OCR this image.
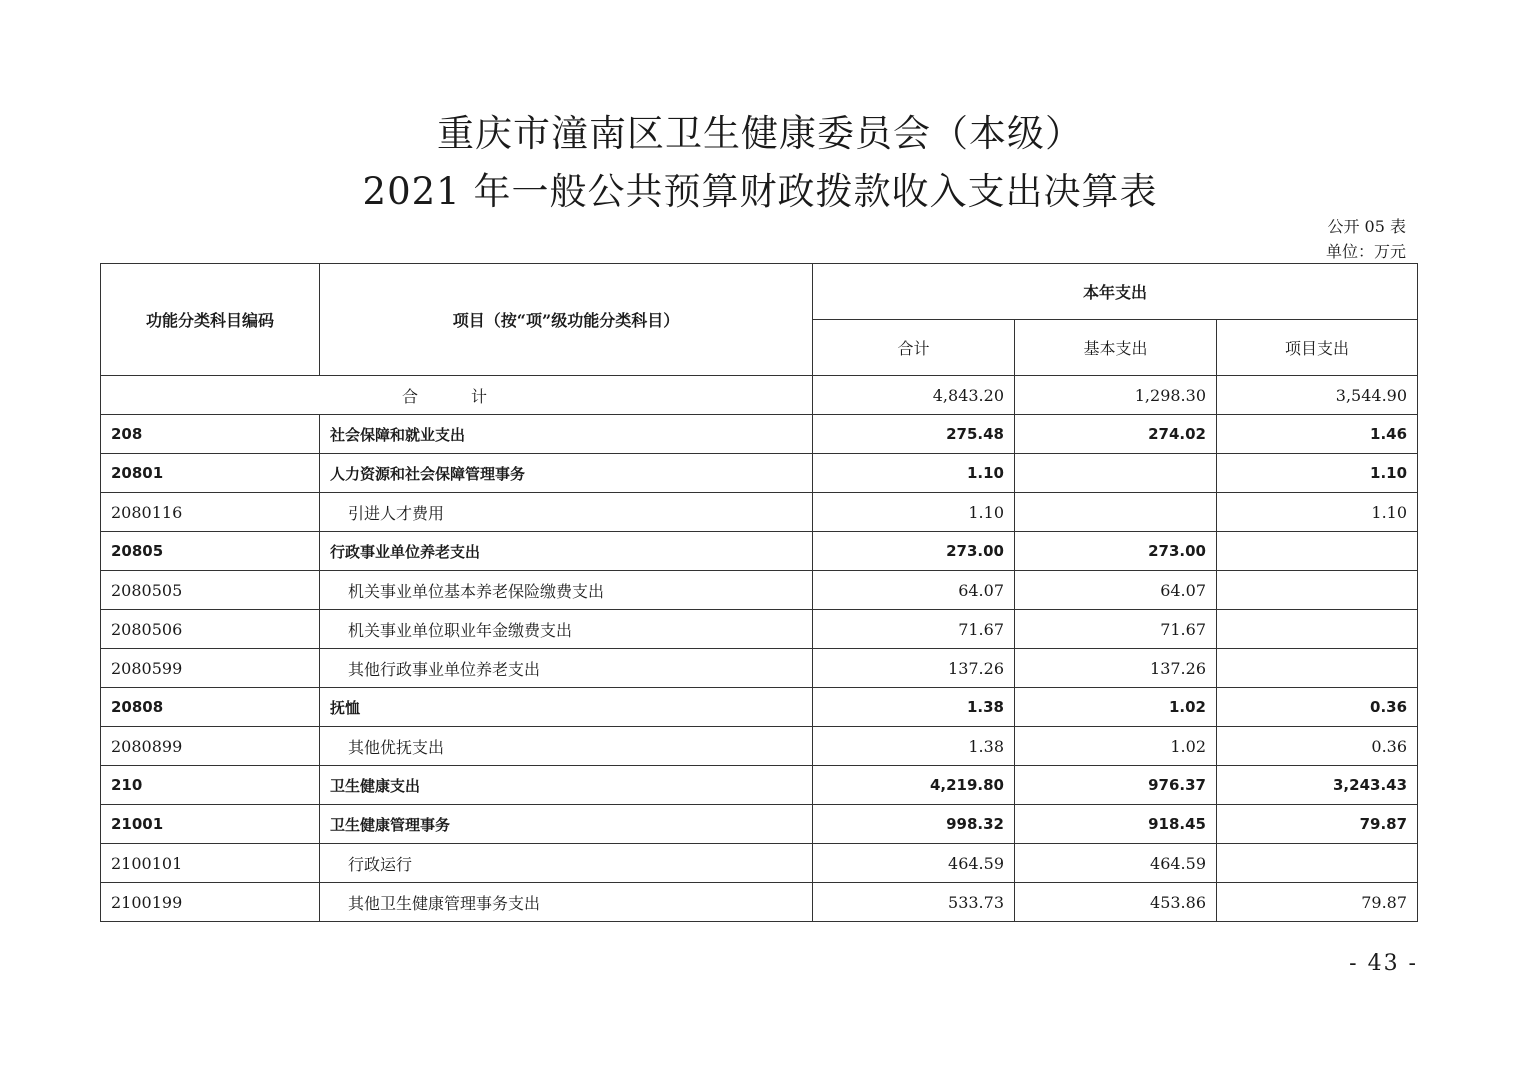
重庆市潼南区卫生健康委员会（本级）
2021 年一般公共预算财政拨款收入支出决算表
公开 05 表
单位：万元
功能分类科目编码	项目（按“项”级功能分类科目）	本年支出		
		合计	基本支出	项目支出
合 计		4,843.20	1,298.30	3,544.90
208	社会保障和就业支出	275.48	274.02	1.46
20801	人力资源和社会保障管理事务	1.10		1.10
2080116	引进人才费用	1.10		1.10
20805	行政事业单位养老支出	273.00	273.00	
2080505	机关事业单位基本养老保险缴费支出	64.07	64.07	
2080506	机关事业单位职业年金缴费支出	71.67	71.67	
2080599	其他行政事业单位养老支出	137.26	137.26	
20808	抚恤	1.38	1.02	0.36
2080899	其他优抚支出	1.38	1.02	0.36
210	卫生健康支出	4,219.80	976.37	3,243.43
21001	卫生健康管理事务	998.32	918.45	79.87
2100101	行政运行	464.59	464.59	
2100199	其他卫生健康管理事务支出	533.73	453.86	79.87
- 43 -
